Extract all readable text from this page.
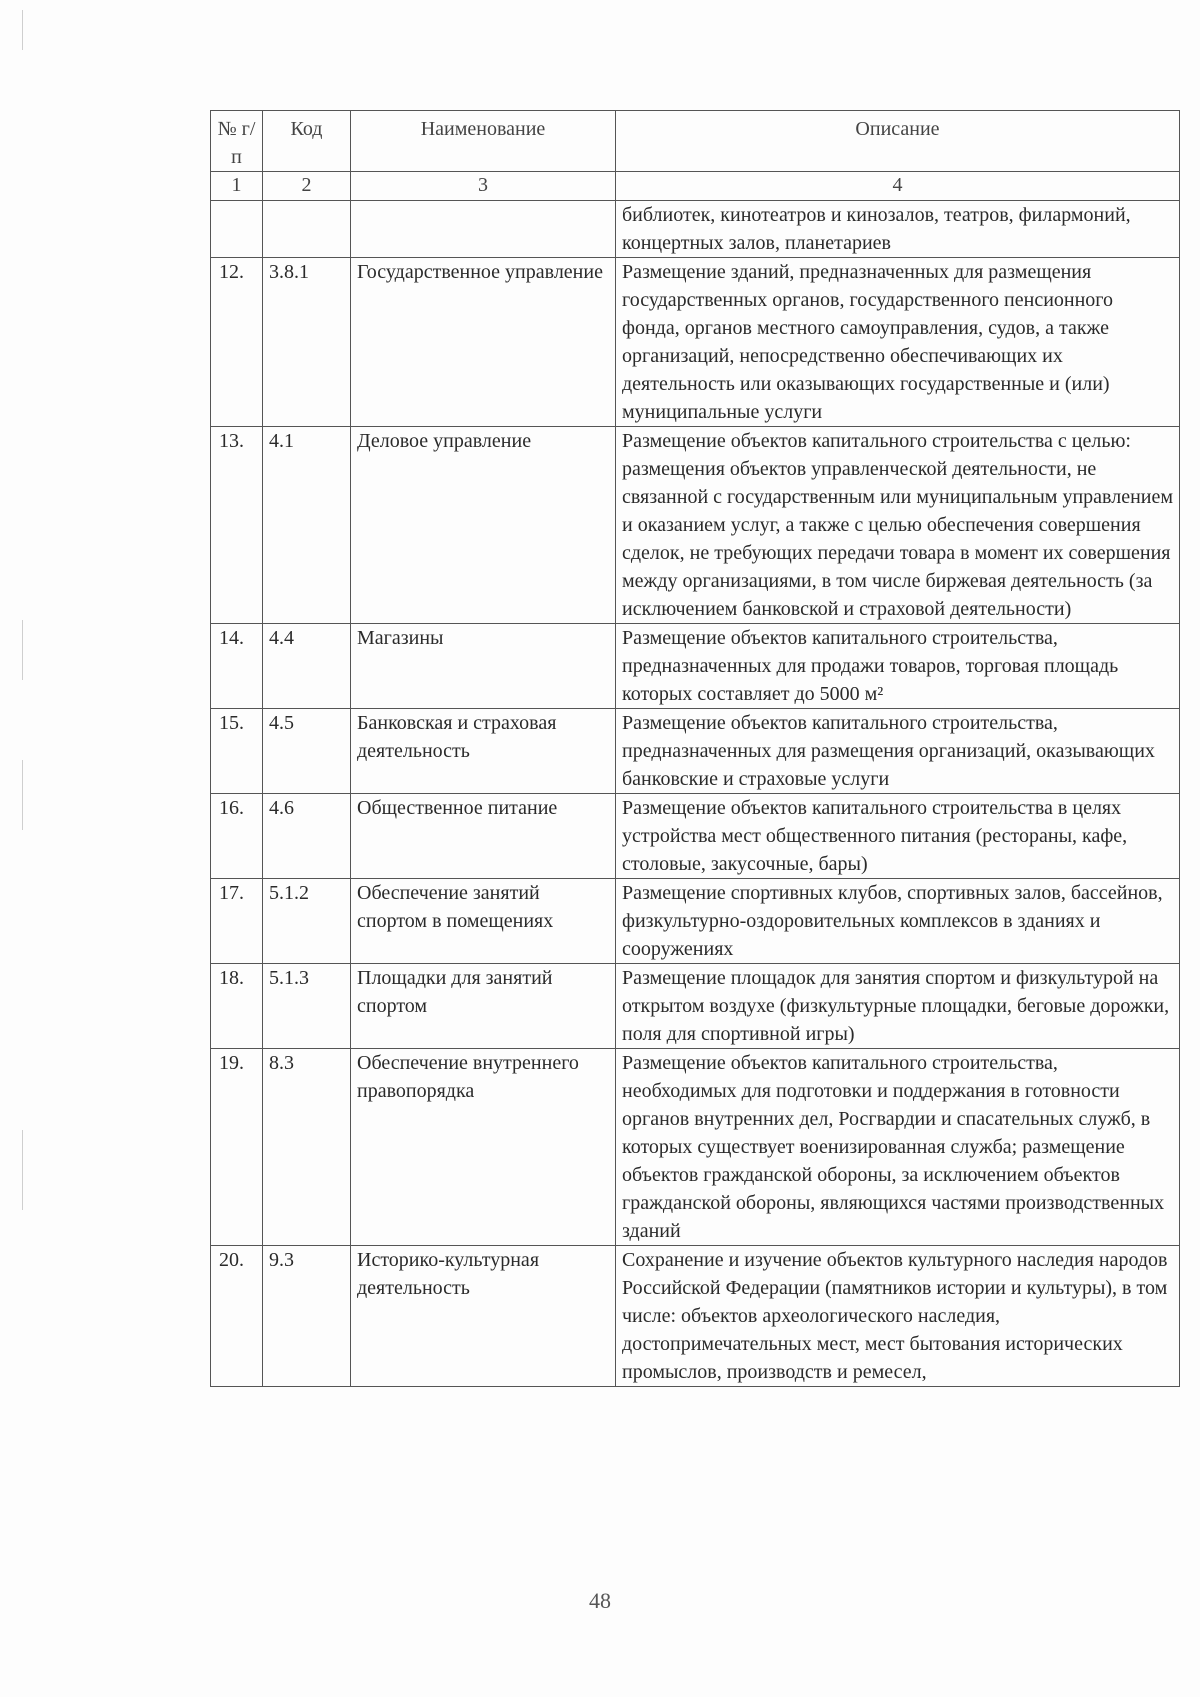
№ г/п	Код	Наименование	Описание
1	2	3	4
			библиотек, кинотеатров и кинозалов, театров, филармоний, концертных залов, планетариев
12.	3.8.1	Государственное управление	Размещение зданий, предназначенных для размещения государственных органов, государственного пенсионного фонда, органов местного самоуправления, судов, а также организаций, непосредственно обеспечивающих их деятельность или оказывающих государственные и (или) муниципальные услуги
13.	4.1	Деловое управление	Размещение объектов капитального строительства с целью: размещения объектов управленческой деятельности, не связанной с государственным или муниципальным управлением и оказанием услуг, а также с целью обеспечения совершения сделок, не требующих передачи товара в момент их совершения между организациями, в том числе биржевая деятельность (за исключением банковской и страховой деятельности)
14.	4.4	Магазины	Размещение объектов капитального строительства, предназначенных для продажи товаров, торговая площадь которых составляет до 5000 м²
15.	4.5	Банковская и страховая деятельность	Размещение объектов капитального строительства, предназначенных для размещения организаций, оказывающих банковские и страховые услуги
16.	4.6	Общественное питание	Размещение объектов капитального строительства в целях устройства мест общественного питания (рестораны, кафе, столовые, закусочные, бары)
17.	5.1.2	Обеспечение занятий спортом в помещениях	Размещение спортивных клубов, спортивных залов, бассейнов, физкультурно-оздоровительных комплексов в зданиях и сооружениях
18.	5.1.3	Площадки для занятий спортом	Размещение площадок для занятия спортом и физкультурой на открытом воздухе (физкультурные площадки, беговые дорожки, поля для спортивной игры)
19.	8.3	Обеспечение внутреннего правопорядка	Размещение объектов капитального строительства, необходимых для подготовки и поддержания в готовности органов внутренних дел, Росгвардии и спасательных служб, в которых существует военизированная служба; размещение объектов гражданской обороны, за исключением объектов гражданской обороны, являющихся частями производственных зданий
20.	9.3	Историко-культурная деятельность	Сохранение и изучение объектов культурного наследия народов Российской Федерации (памятников истории и культуры), в том числе: объектов археологического наследия, достопримечательных мест, мест бытования исторических промыслов, производств и ремесел,
48
